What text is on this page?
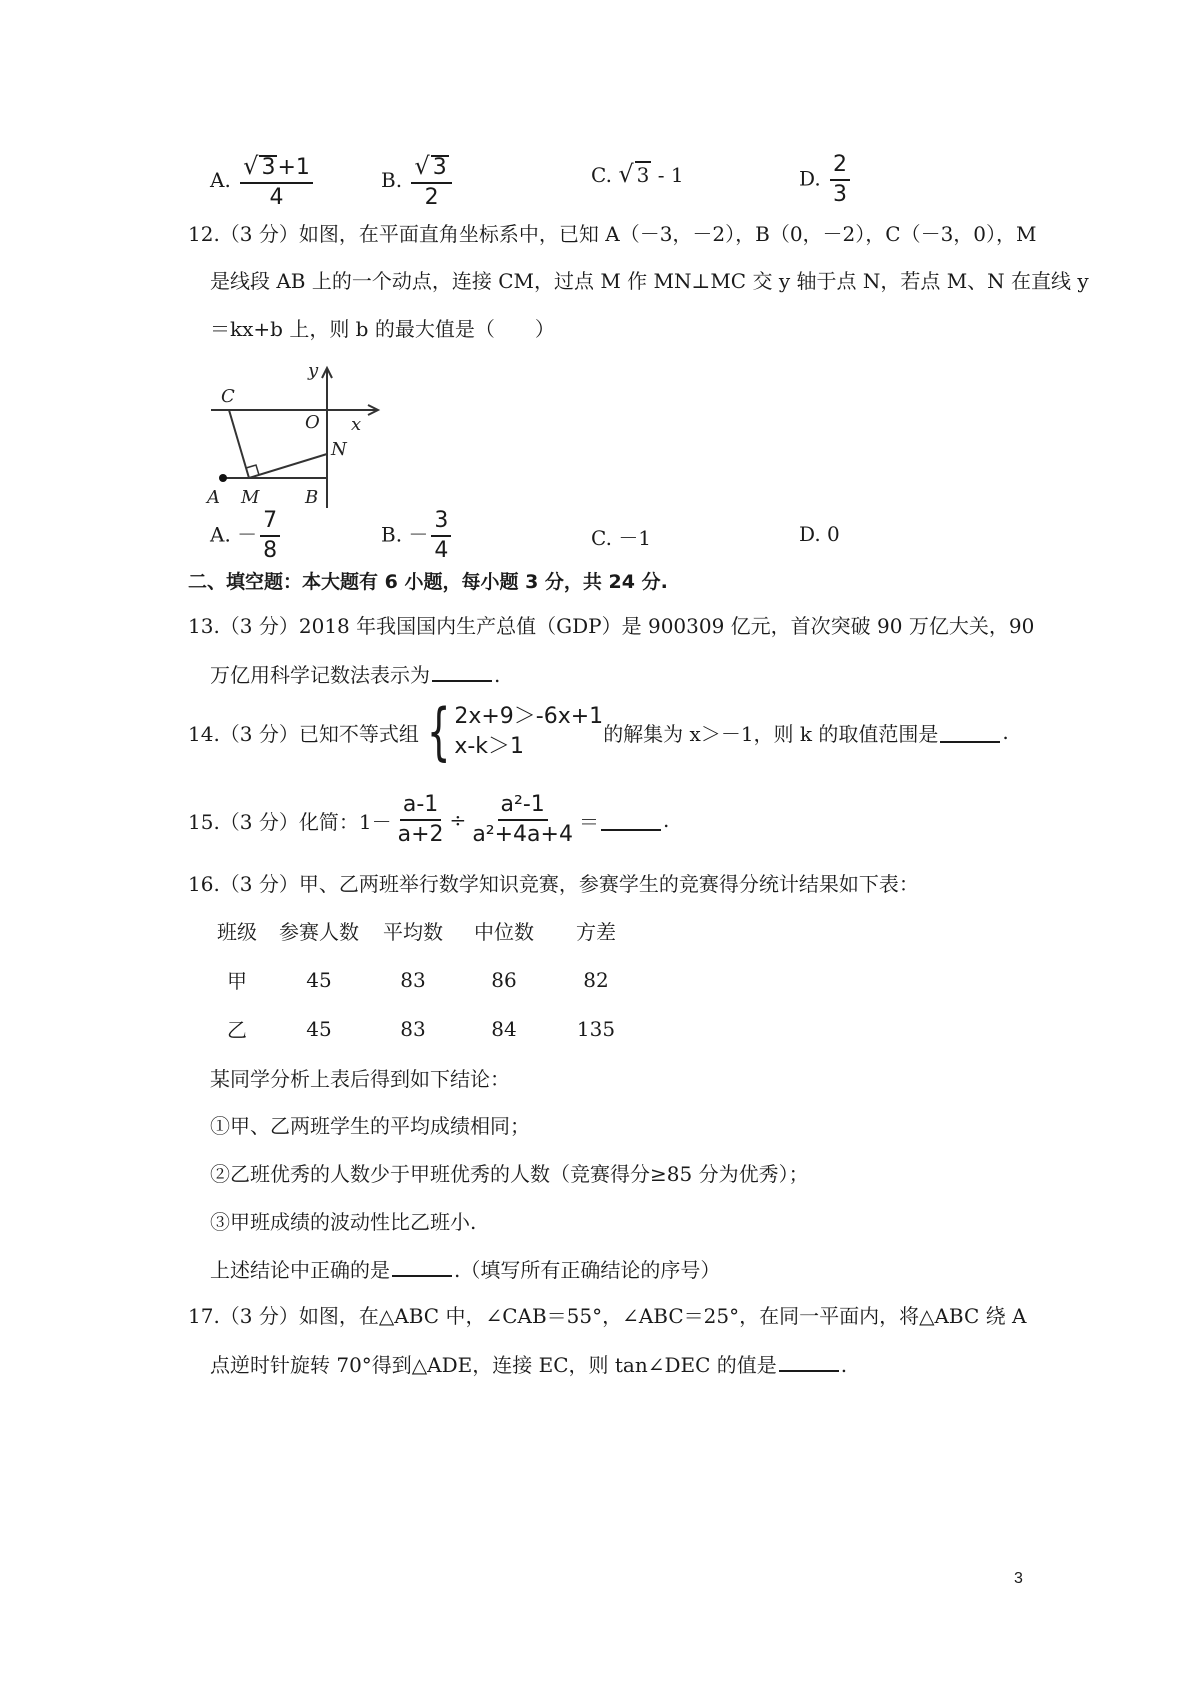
A. $\frac{√ 3+1}{4}$	B. $\frac{√ 3}{2}$	C. √ 3 - 1	D. $\frac{2}{3}$
12.（3 分）如图，在平面直角坐标系中，已知 A（－3，－2），B（0，－2），C（－3，0），M
是线段 AB 上的一个动点，连接 CM，过点 M 作 MN⊥MC 交 y 轴于点 N，若点 M、N 在直线 y
＝kx+b 上，则 b 的最大值是（　　）
y
x
C
O
N
A M	B
A. － $\frac{7}{8}$	B. － $\frac{3}{4}$	C. －1	D. 0
二、填空题：本大题有 6 小题，每小题 3 分，共 24 分.
13.（3 分）2018 年我国国内生产总值（GDP）是 900309 亿元，首次突破 90 万亿大关，90
万亿用科学记数法表示为	.
14.（3 分）已知不等式组 { 2x+9＞-6x+1
x-k＞1
的解集为 x＞－1，则 k 的取值范围是	.
15.（3 分）化简：$1- \frac{a-1}{a+2} \div \frac{\text{a²-1}}{\text{a²+4a+4}}$ ＝	.
16.（3 分）甲、乙两班举行数学知识竞赛，参赛学生的竞赛得分统计结果如下表：
班级	参赛人数	平均数	中位数	方差
甲	45	83	86	82
乙	45	83	84	135
某同学分析上表后得到如下结论：
①甲、乙两班学生的平均成绩相同；
②乙班优秀的人数少于甲班优秀的人数（竞赛得分≥85 分为优秀）；
③甲班成绩的波动性比乙班小.
上述结论中正确的是	.（填写所有正确结论的序号）
17.（3 分）如图，在△ABC 中，∠CAB＝55°，∠ABC＝25°，在同一平面内，将△ABC 绕 A
点逆时针旋转 70°得到△ADE，连接 EC，则 tan∠DEC 的值是	.
3
